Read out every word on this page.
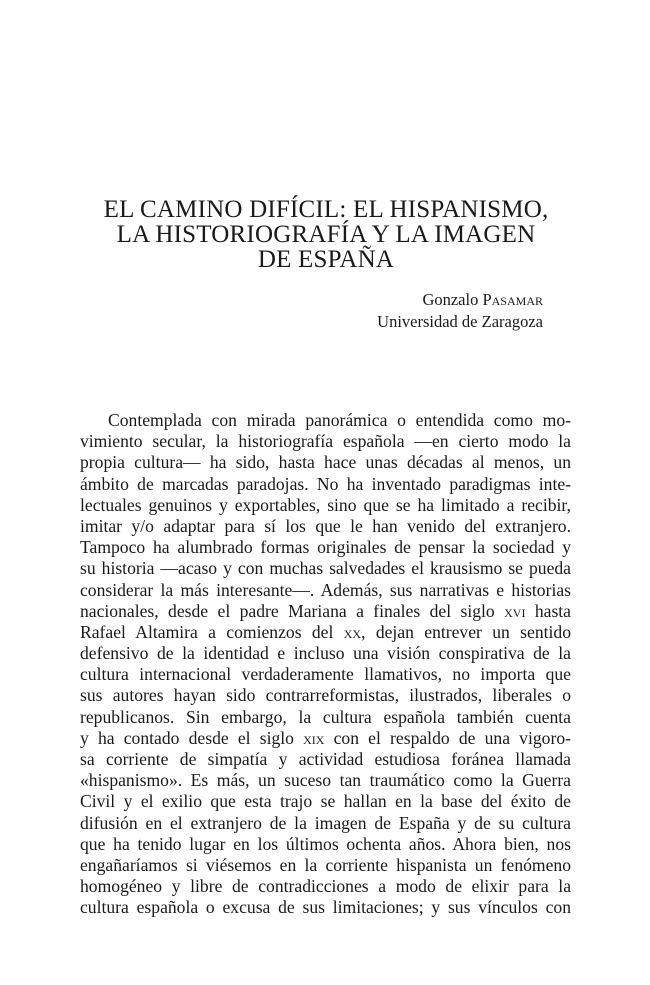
EL CAMINO DIFÍCIL: EL HISPANISMO,
LA HISTORIOGRAFÍA Y LA IMAGEN
DE ESPAÑA
Gonzalo Pasamar
Universidad de Zaragoza
Contemplada con mirada panorámica o entendida como mo-
vimiento secular, la historiografía española —en cierto modo la
propia cultura— ha sido, hasta hace unas décadas al menos, un
ámbito de marcadas paradojas. No ha inventado paradigmas inte-
lectuales genuinos y exportables, sino que se ha limitado a recibir,
imitar y/o adaptar para sí los que le han venido del extranjero.
Tampoco ha alumbrado formas originales de pensar la sociedad y
su historia —acaso y con muchas salvedades el krausismo se pueda
considerar la más interesante—. Además, sus narrativas e historias
nacionales, desde el padre Mariana a finales del siglo xvi hasta
Rafael Altamira a comienzos del xx, dejan entrever un sentido
defensivo de la identidad e incluso una visión conspirativa de la
cultura internacional verdaderamente llamativos, no importa que
sus autores hayan sido contrarreformistas, ilustrados, liberales o
republicanos. Sin embargo, la cultura española también cuenta
y ha contado desde el siglo xix con el respaldo de una vigoro-
sa corriente de simpatía y actividad estudiosa foránea llamada
«hispanismo». Es más, un suceso tan traumático como la Guerra
Civil y el exilio que esta trajo se hallan en la base del éxito de
difusión en el extranjero de la imagen de España y de su cultura
que ha tenido lugar en los últimos ochenta años. Ahora bien, nos
engañaríamos si viésemos en la corriente hispanista un fenómeno
homogéneo y libre de contradicciones a modo de elixir para la
cultura española o excusa de sus limitaciones; y sus vínculos con
